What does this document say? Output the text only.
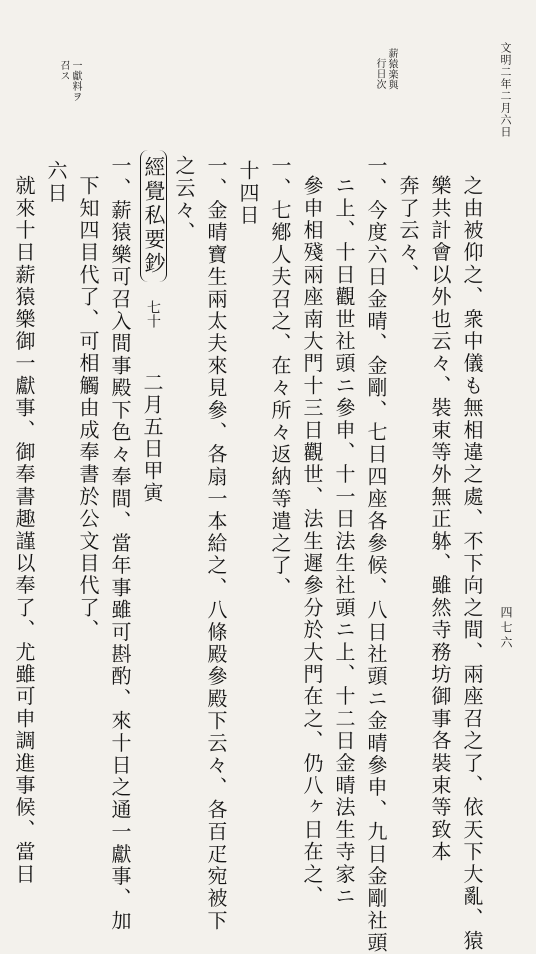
文明二年二月六日
四七六
薪猿楽與
行日次
一獻料ヲ
召ス
之由被仰之、衆中儀も無相違之處、不下向之間、兩座召之了、依天下大亂、猿
樂共計會以外也云々、裝束等外無正躰、雖然寺務坊御事各裝束等致本
奔了云々、
一、今度六日金晴、金剛、七日四座各參候、八日社頭ニ金晴參申、九日金剛社頭
ニ上、十日觀世社頭ニ參申、十一日法生社頭ニ上、十二日金晴法生寺家ニ
參申相殘兩座南大門十三日觀世、法生遲參分於大門在之、仍八ヶ日在之、
一、七鄕人夫召之、在々所々返納等遣之了、
十四日
一、金晴寶生兩太夫來見參、各扇一本給之、八條殿參殿下云々、各百疋宛被下
經覺私要鈔
七十
一、薪猿樂可召入間事殿下色々奉間、當年事雖可斟酌、來十日之通一獻事、加
下知四目代了、可相觸由成奉書於公文目代了、
六日
就來十日薪猿樂御一獻事、御奉書趣謹以奉了、尤雖可申調進事候、當日	二月五日甲寅
之云々、
